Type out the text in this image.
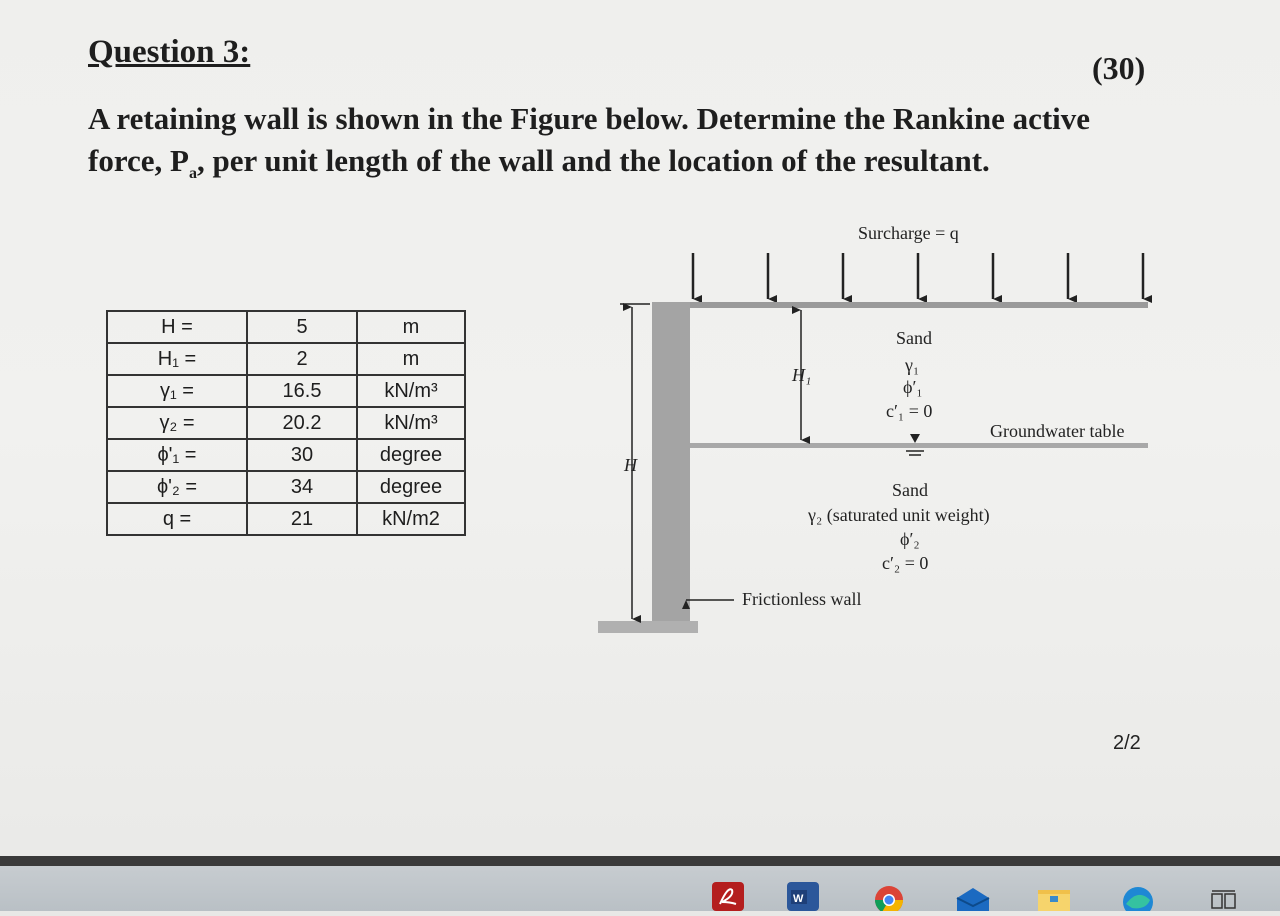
Question 3:	(30)
A retaining wall is shown in the Figure below. Determine the Rankine active force, $P_a$, per unit length of the wall and the location of the resultant.
H =	5	m
H₁ =	2	m
γ₁ =	16.5	kN/m³
γ₂ =	20.2	kN/m³
ϕ'₁ =	30	degree
ϕ'₂ =	34	degree
q =	21	kN/m2
Surcharge = q
Sand
γ₁
ϕ′₁
c′₁ = 0
H₁
Groundwater table
H
Sand
γ₂ (saturated unit weight)
ϕ′₂
c′₂ = 0
Frictionless wall
2/2
W
